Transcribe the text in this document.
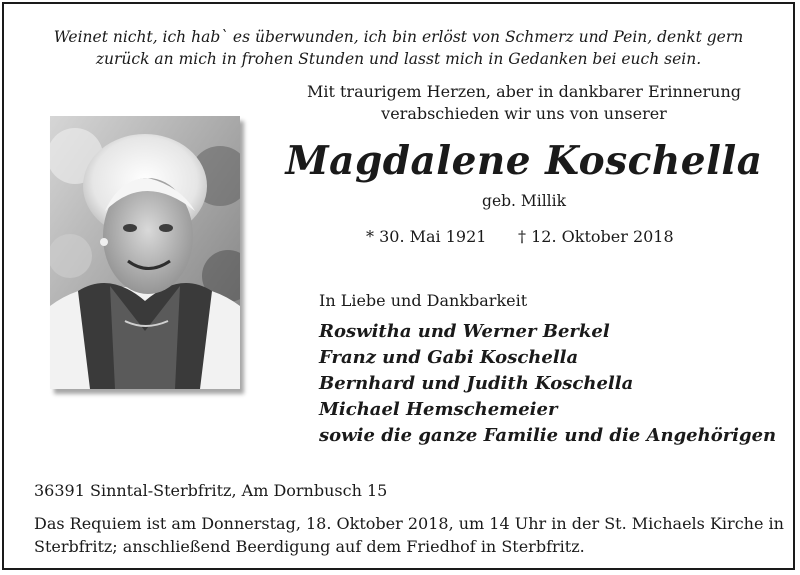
Weinet nicht, ich hab` es überwunden, ich bin erlöst von Schmerz und Pein, denkt gern
zurück an mich in frohen Stunden und lasst mich in Gedanken bei euch sein.
Mit traurigem Herzen, aber in dankbarer Erinnerung
verabschieden wir uns von unserer
Magdalene Koschella
geb. Millik
* 30. Mai 1921 † 12. Oktober 2018
In Liebe und Dankbarkeit
Roswitha und Werner Berkel
Franz und Gabi Koschella
Bernhard und Judith Koschella
Michael Hemschemeier
sowie die ganze Familie und die Angehörigen
36391 Sinntal-Sterbfritz, Am Dornbusch 15
Das Requiem ist am Donnerstag, 18. Oktober 2018, um 14 Uhr in der St. Michaels Kirche in
Sterbfritz; anschließend Beerdigung auf dem Friedhof in Sterbfritz.
